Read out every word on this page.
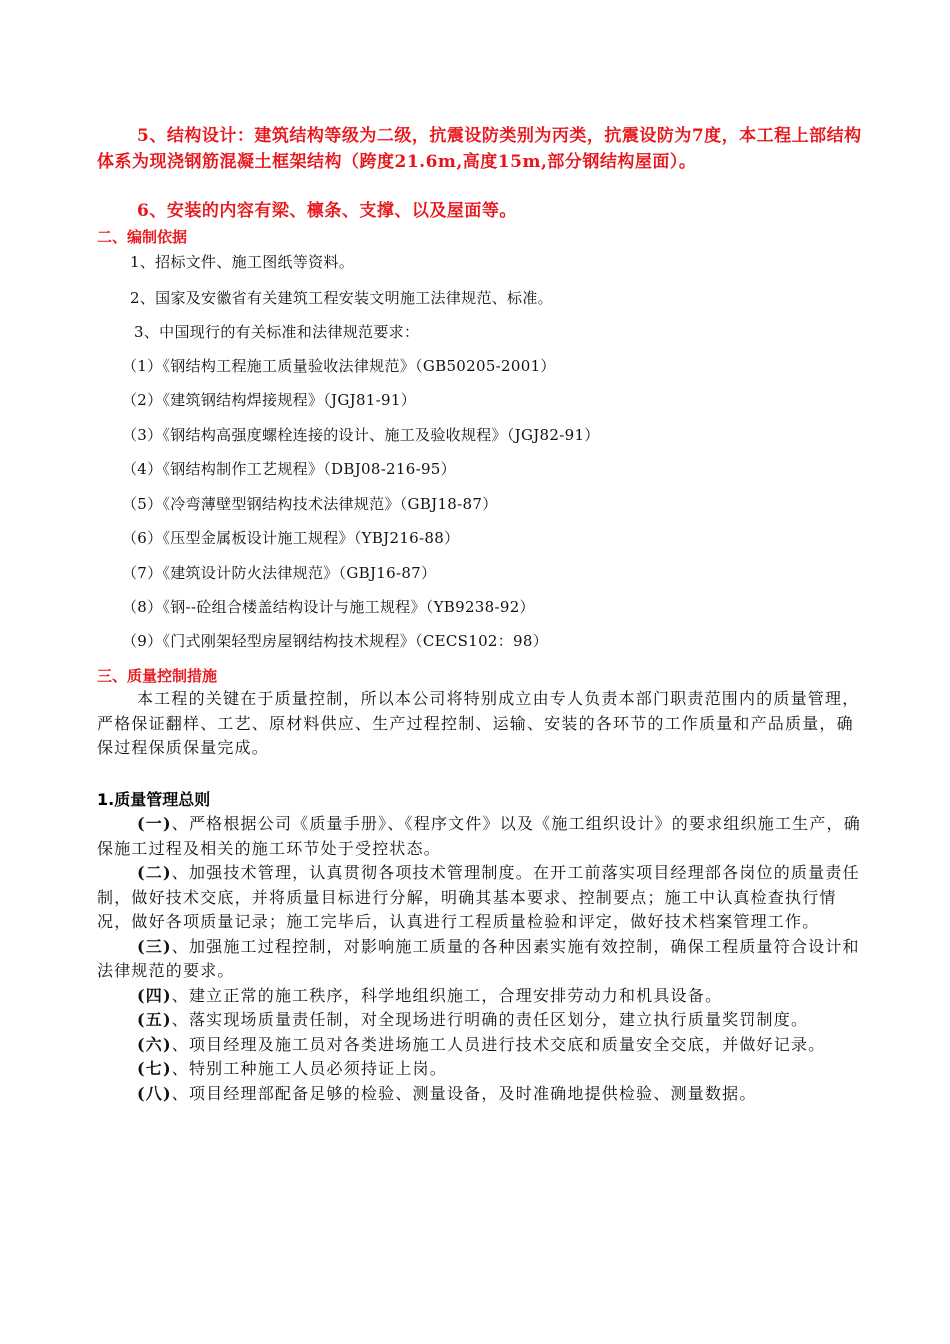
5、结构设计：建筑结构等级为二级，抗震设防类别为丙类，抗震设防为7度，本工程上部结构体系为现浇钢筋混凝土框架结构（跨度21.6m,高度15m,部分钢结构屋面）。
6、安装的内容有梁、檩条、支撑、以及屋面等。
二、编制依据
1、招标文件、施工图纸等资料。
2、国家及安徽省有关建筑工程安装文明施工法律规范、标准。
3、中国现行的有关标准和法律规范要求：
（1）《钢结构工程施工质量验收法律规范》（GB50205-2001）
（2）《建筑钢结构焊接规程》（JGJ81-91）
（3）《钢结构高强度螺栓连接的设计、施工及验收规程》（JGJ82-91）
（4）《钢结构制作工艺规程》（DBJ08-216-95）
（5）《冷弯薄壁型钢结构技术法律规范》（GBJ18-87）
（6）《压型金属板设计施工规程》（YBJ216-88）
（7）《建筑设计防火法律规范》（GBJ16-87）
（8）《钢--砼组合楼盖结构设计与施工规程》（YB9238-92）
（9）《门式刚架轻型房屋钢结构技术规程》（CECS102：98）
三、质量控制措施
本工程的关键在于质量控制，所以本公司将特别成立由专人负责本部门职责范围内的质量管理，严格保证翻样、工艺、原材料供应、生产过程控制、运输、安装的各环节的工作质量和产品质量，确保过程保质保量完成。
1.质量管理总则
(一)、严格根据公司《质量手册》、《程序文件》以及《施工组织设计》的要求组织施工生产，确保施工过程及相关的施工环节处于受控状态。
(二)、加强技术管理，认真贯彻各项技术管理制度。在开工前落实项目经理部各岗位的质量责任制，做好技术交底，并将质量目标进行分解，明确其基本要求、控制要点；施工中认真检查执行情况，做好各项质量记录；施工完毕后，认真进行工程质量检验和评定，做好技术档案管理工作。
(三)、加强施工过程控制，对影响施工质量的各种因素实施有效控制，确保工程质量符合设计和法律规范的要求。
(四)、建立正常的施工秩序，科学地组织施工，合理安排劳动力和机具设备。
(五)、落实现场质量责任制，对全现场进行明确的责任区划分，建立执行质量奖罚制度。
(六)、项目经理及施工员对各类进场施工人员进行技术交底和质量安全交底，并做好记录。
(七)、特别工种施工人员必须持证上岗。
(八)、项目经理部配备足够的检验、测量设备，及时准确地提供检验、测量数据。
